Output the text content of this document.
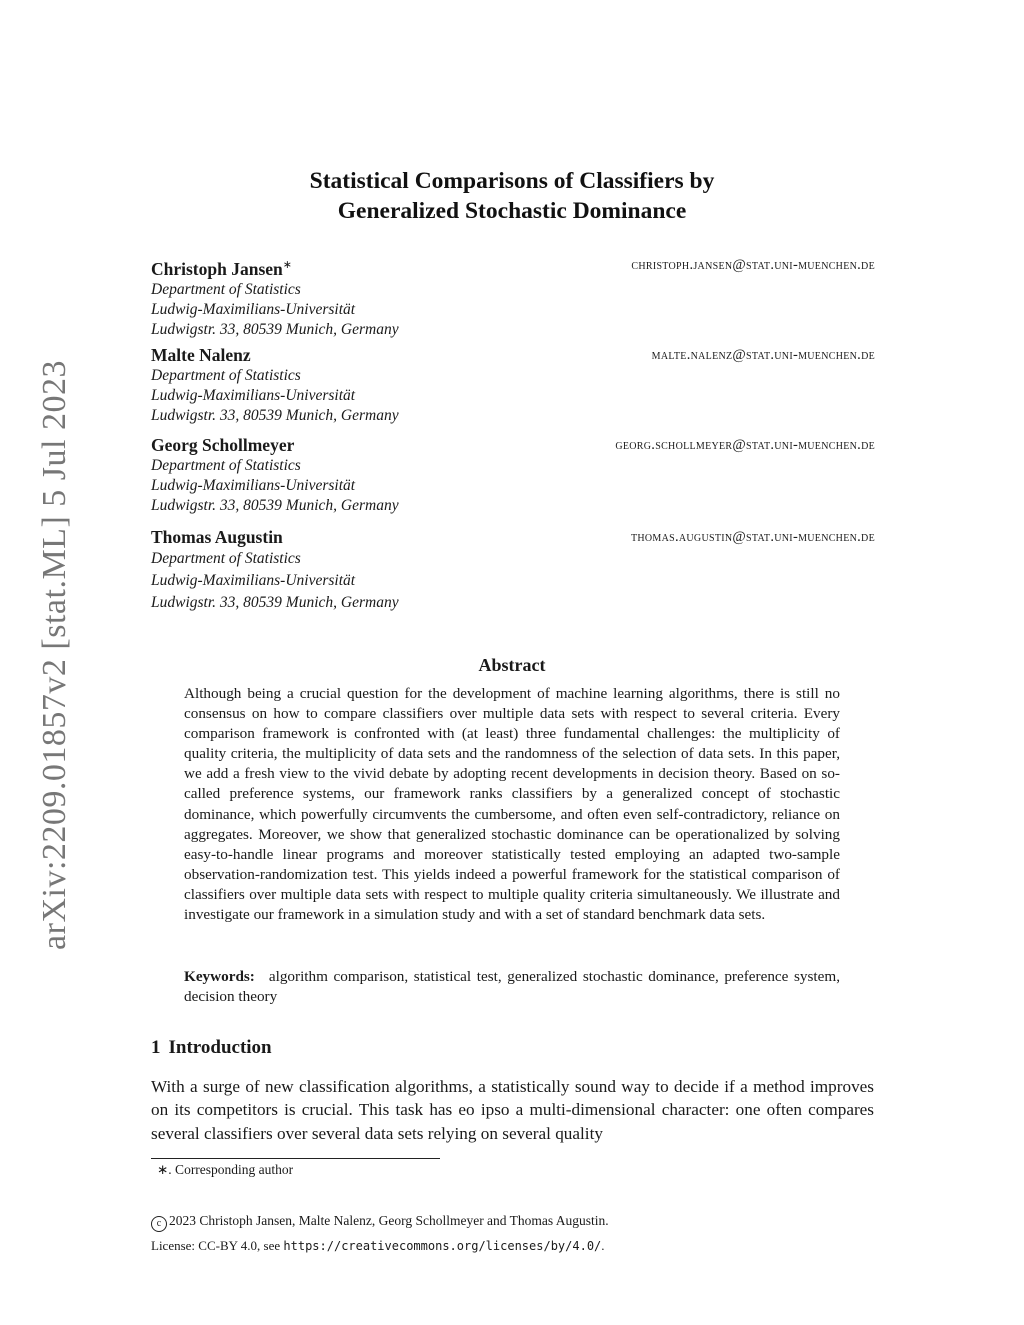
arXiv:2209.01857v2 [stat.ML] 5 Jul 2023
Statistical Comparisons of Classifiers by
Generalized Stochastic Dominance
Christoph Jansen∗	christoph.jansen@stat.uni-muenchen.de
Department of Statistics
Ludwig-Maximilians-Universität
Ludwigstr. 33, 80539 Munich, Germany
Malte Nalenz	malte.nalenz@stat.uni-muenchen.de
Department of Statistics
Ludwig-Maximilians-Universität
Ludwigstr. 33, 80539 Munich, Germany
Georg Schollmeyer	georg.schollmeyer@stat.uni-muenchen.de
Department of Statistics
Ludwig-Maximilians-Universität
Ludwigstr. 33, 80539 Munich, Germany
Thomas Augustin	thomas.augustin@stat.uni-muenchen.de
Department of Statistics
Ludwig-Maximilians-Universität
Ludwigstr. 33, 80539 Munich, Germany
Abstract
Although being a crucial question for the development of machine learning algorithms, there is still no consensus on how to compare classifiers over multiple data sets with respect to several criteria. Every comparison framework is confronted with (at least) three fundamental challenges: the multiplicity of quality criteria, the multiplicity of data sets and the randomness of the selection of data sets. In this paper, we add a fresh view to the vivid debate by adopting recent developments in decision theory. Based on so-called preference systems, our framework ranks classifiers by a generalized concept of stochastic dominance, which powerfully circumvents the cumbersome, and often even self-contradictory, reliance on aggregates. Moreover, we show that generalized stochastic dominance can be operationalized by solving easy-to-handle linear programs and moreover statistically tested employing an adapted two-sample observation-randomization test. This yields indeed a powerful framework for the statistical comparison of classifiers over multiple data sets with respect to multiple quality criteria simultaneously. We illustrate and investigate our framework in a simulation study and with a set of standard benchmark data sets.
Keywords: algorithm comparison, statistical test, generalized stochastic dominance, preference system, decision theory
1 Introduction
With a surge of new classification algorithms, a statistically sound way to decide if a method improves on its competitors is crucial. This task has eo ipso a multi-dimensional character: one often compares several classifiers over several data sets relying on several quality
∗. Corresponding author
c 2023 Christoph Jansen, Malte Nalenz, Georg Schollmeyer and Thomas Augustin.
License: CC-BY 4.0, see https://creativecommons.org/licenses/by/4.0/.
